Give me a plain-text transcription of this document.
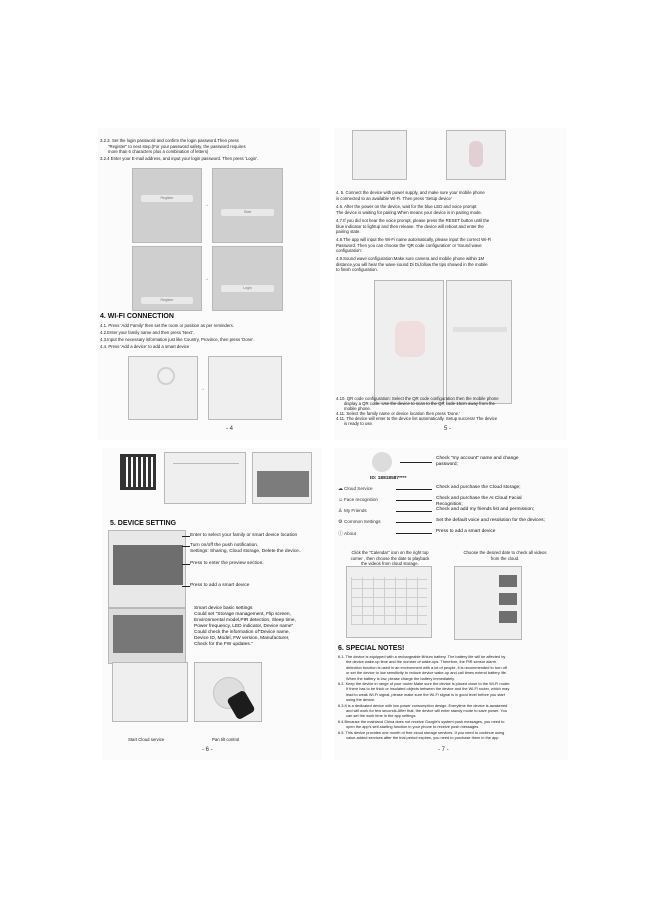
3.2.3. Set the login password and confirm the login password.Then press
"Register" to next step.(For your password safety, the password requires
more than 6 characters plus a combination of letters)
3.2.4 Enter your E-mail address, and input your login password. Then press 'Login'.
Register
→
Start
Register
→
Login
4. WI-FI CONNECTION
4.1. Press 'Add Family' then set the room or position as per reminders.
4.2.Enter your family name and then press 'Next'.
4.3.Input the necessary information just like Country, Province, then press 'Done'.
4.4. Press 'Add a device' to add a smart device
→
- 4
4. 5. Connect the device with power supply, and make sure your mobile phone
is connected to an available Wi-Fi. Then press 'Setup device'
4.6. After the power on the device, wait for the blue LED and voice prompt
The device is waiting for pairing.When means your device is in pairing mode.
4.7.If you did not hear the voice prompt, please press the RESET button until the
blue indicator to lightup and then release. The device will reboot and enter the
pairing state.
4.8.The app will input the Wi-Fi name automatically, please input the correct Wi-Fi
Password. Then you can choose the 'QR code configuration' or 'Sound wave
configuration'.
4.9.Sound wave configuration:Make sure camera and mobile phone within 1M
distance,you will hear the wave sound Di Di,follow the tips showed in the mobile
to finish configuration.
4.10. QR code configuration: Select the QR code configuration then the mobile phone
display a QR code. Use the device to scan to the QR code 15cm away from the
mobile phone.
4.11. Select the family name or device location then press 'Done.'
4.11. The device will enter to the device list automatically. Setup success! The device
is ready to use.
5 -
5. DEVICE SETTING
Enter to select your family or smart device location
Turn on/off the push notification.
Settings: Sharing, Cloud storage, Delete the device..
Press to enter the preview section.
Press to add a smart device
Smart device basic settings
Could set "Storage management, Flip screen,
Environmental model,PIR detection, Sleep time,
Power frequency, LED indicator, Device name"
Could check the information of"Device name,
Device ID, Model, FW version, Manufacturer,
Check for the FW updates."
Start Cloud service	Pan tilt control
- 6 -
Check "my account" name and change
password;
ID: 18818587****
☁Cloud Service	Check and purchase the Cloud storage;
☺Face recognition	Check and purchase the AI Cloud Facial
Recognition;
♙ My Friends	Check and add my friends list and permission;
⚙ Common Settings	Set the default voice and resolution for the devices;
ⓘAbout	Press to add a smart device
Click the "Calendar" icon on the right top
corner , then choose the date to playback
the videos from cloud storage.
Choose the desired date to check all videos
from the cloud.
6. SPECIAL NOTES!
6.1. The device is equipped with a rechargeable lithium battery. The battery life will be affected by
the device wake-up time and the number of wake-ups. Therefore, the PIR sensor alarm
detection function is used in an environment with a lot of people, it is recommended to turn off
or set the device to low sensitivity to reduce device wake-up and call times extend battery life.
When the battery is low, please charge the battery immediately.
6.2. Keep the device in range of your router.Make sure the device is placed close to the Wi-Fi router.
If there has to be thick or insulated objects between the device and the Wi-Fi router, which may
lead to weak Wi-Fi signal, please make sure the Wi-Fi signal is in good level before you start
using the device.
6.3.It is a dedicated device with low power consumption design. Everytime the device is awakened
and will work for few seconds.After that, the device will enter standy mode to save power. You
can set the work time in the app settings.
6.4.Because the mainland China does not receive Google's system push messages, you need to
open the app's self-starting function in your phone to receive push messages.
6.5. This device provides one month of free cloud storage services. If you need to continue using
value-added services after the trial period expires, you need to purchase them in the app.
- 7 -
